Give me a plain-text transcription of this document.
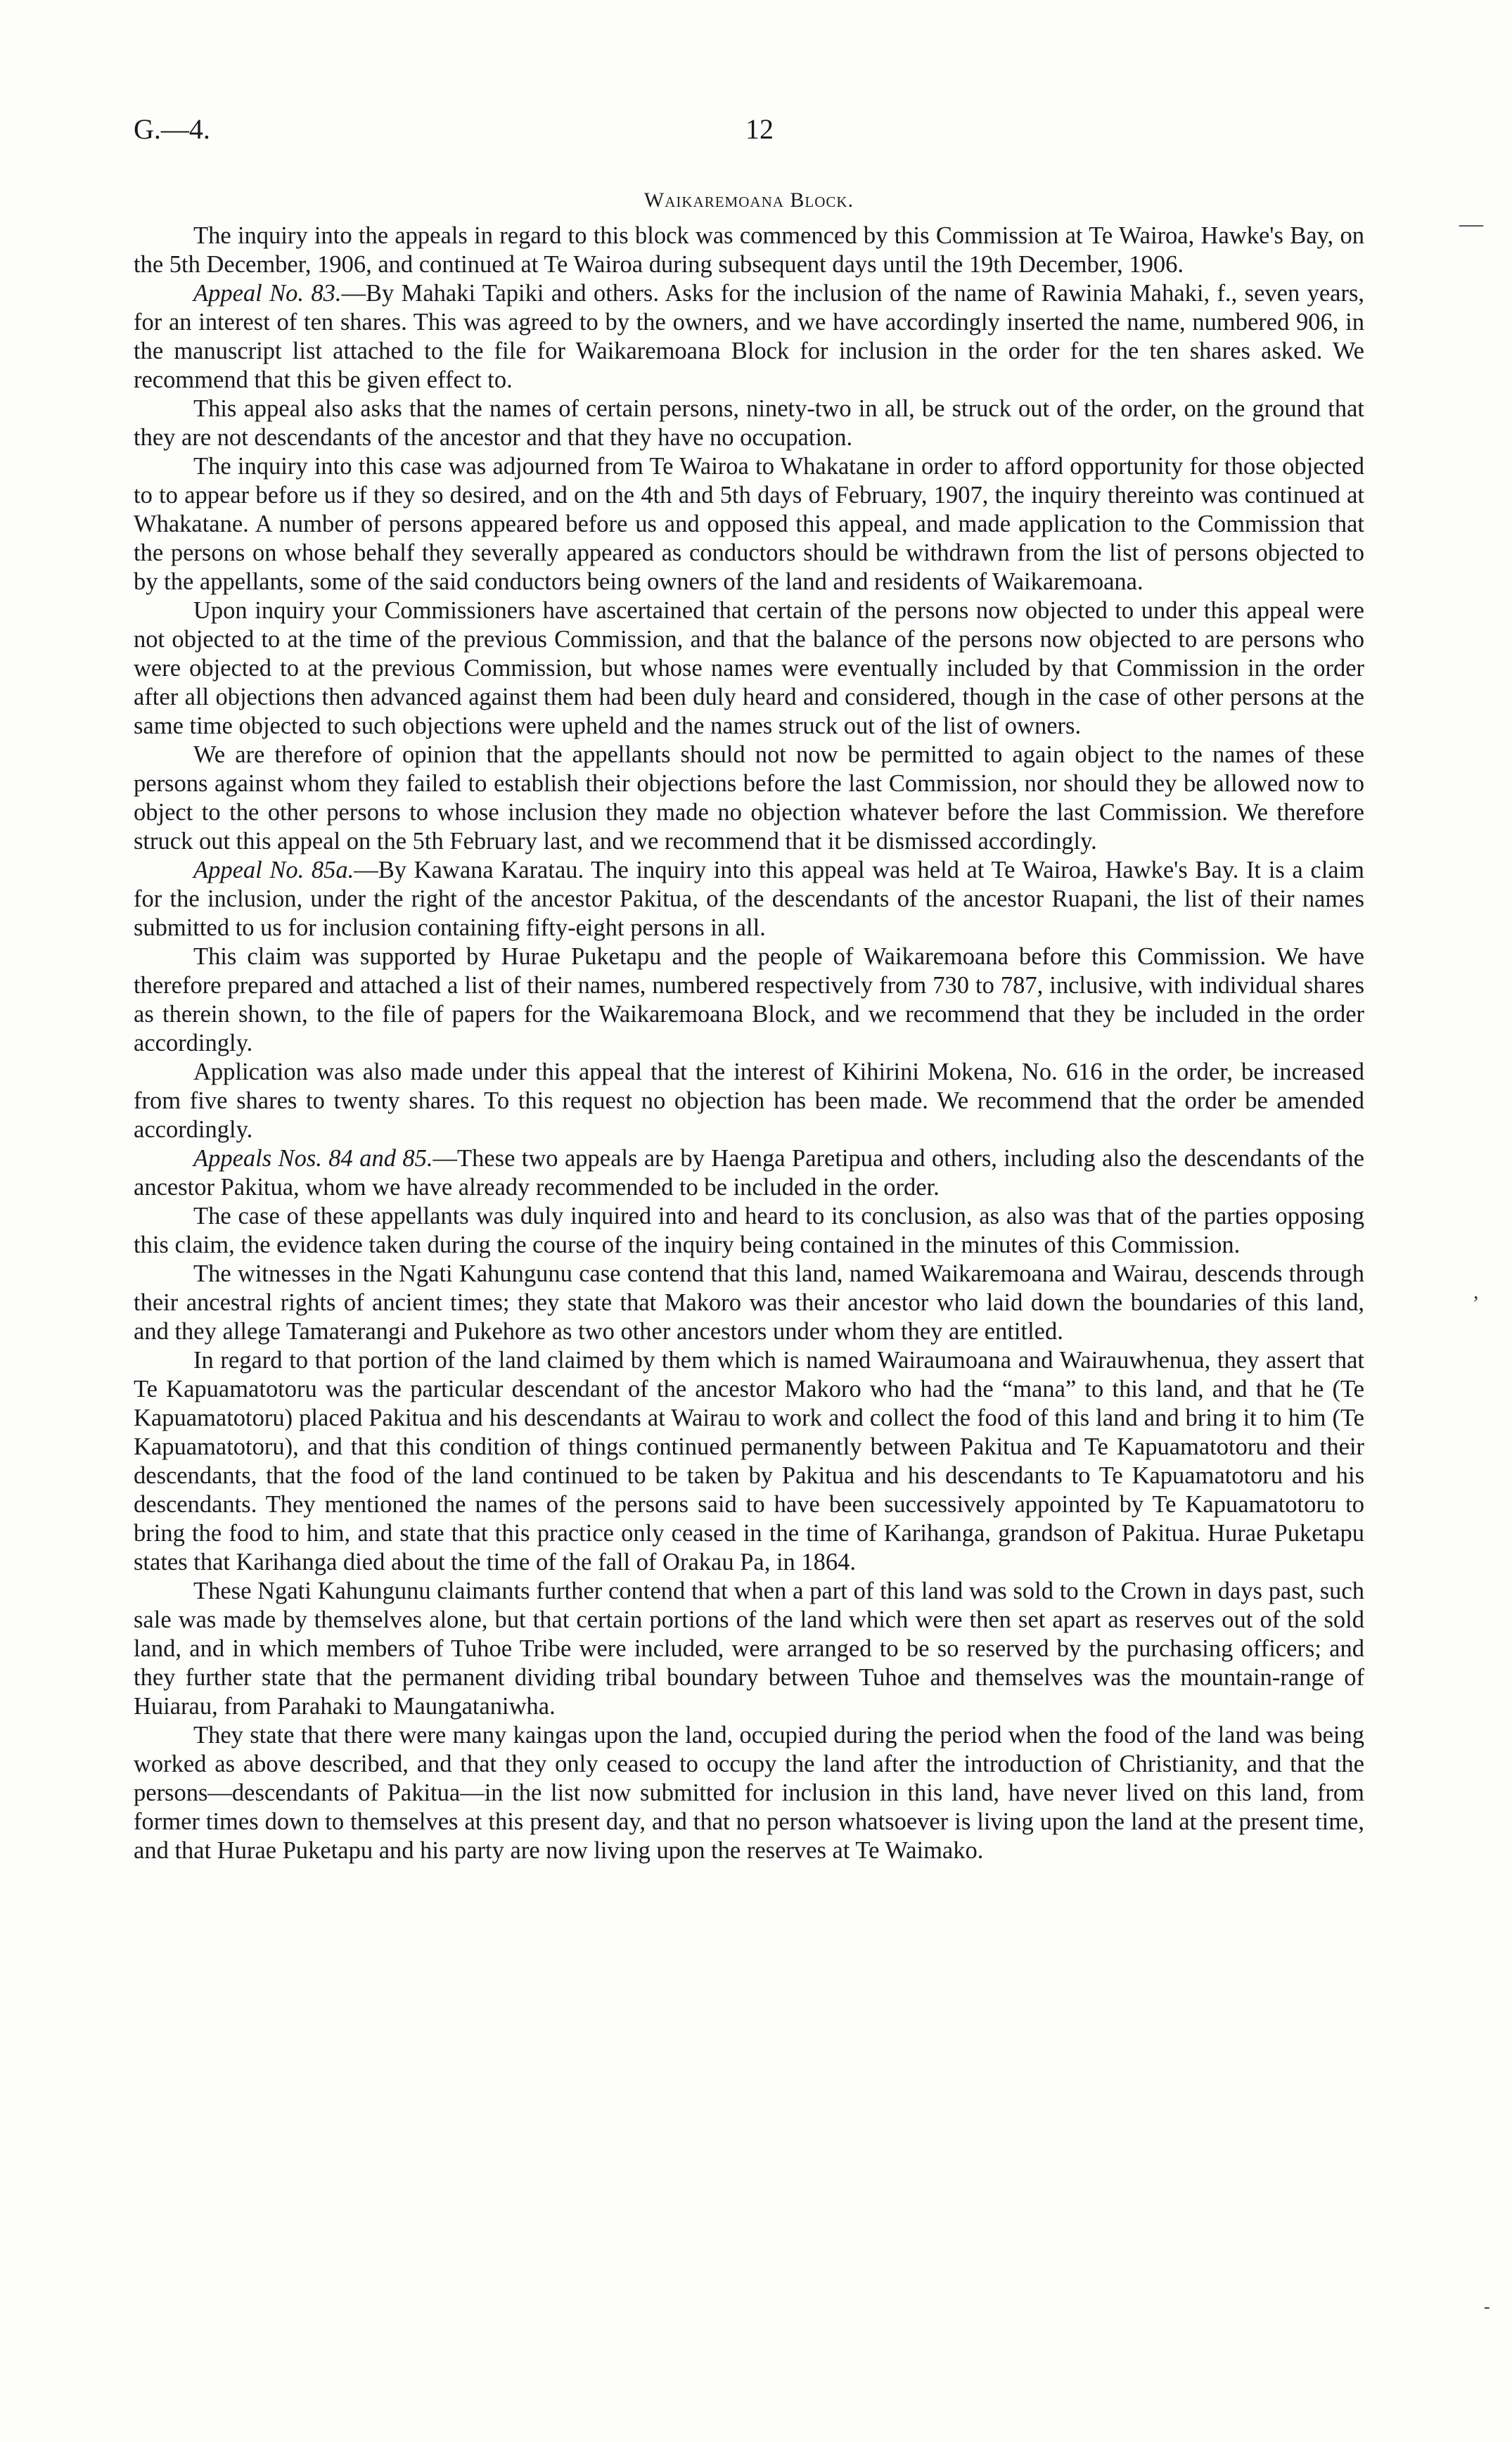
G.—4.	12
—
,
-
Waikaremoana Block.

The inquiry into the appeals in regard to this block was commenced by this Commission at Te Wairoa, Hawke's Bay, on the 5th December, 1906, and continued at Te Wairoa during subsequent days until the 19th December, 1906.

Appeal No. 83.—By Mahaki Tapiki and others. Asks for the inclusion of the name of Rawinia Mahaki, f., seven years, for an interest of ten shares. This was agreed to by the owners, and we have accordingly inserted the name, numbered 906, in the manuscript list attached to the file for Waikaremoana Block for inclusion in the order for the ten shares asked. We recommend that this be given effect to.

This appeal also asks that the names of certain persons, ninety-two in all, be struck out of the order, on the ground that they are not descendants of the ancestor and that they have no occupation.

The inquiry into this case was adjourned from Te Wairoa to Whakatane in order to afford opportunity for those objected to to appear before us if they so desired, and on the 4th and 5th days of February, 1907, the inquiry thereinto was continued at Whakatane. A number of persons appeared before us and opposed this appeal, and made application to the Commission that the persons on whose behalf they severally appeared as conductors should be withdrawn from the list of persons objected to by the appellants, some of the said conductors being owners of the land and residents of Waikaremoana.

Upon inquiry your Commissioners have ascertained that certain of the persons now objected to under this appeal were not objected to at the time of the previous Commission, and that the balance of the persons now objected to are persons who were objected to at the previous Commission, but whose names were eventually included by that Commission in the order after all objections then advanced against them had been duly heard and considered, though in the case of other persons at the same time objected to such objections were upheld and the names struck out of the list of owners.

We are therefore of opinion that the appellants should not now be permitted to again object to the names of these persons against whom they failed to establish their objections before the last Commission, nor should they be allowed now to object to the other persons to whose inclusion they made no objection whatever before the last Commission. We therefore struck out this appeal on the 5th February last, and we recommend that it be dismissed accordingly.

Appeal No. 85a.—By Kawana Karatau. The inquiry into this appeal was held at Te Wairoa, Hawke's Bay. It is a claim for the inclusion, under the right of the ancestor Pakitua, of the descendants of the ancestor Ruapani, the list of their names submitted to us for inclusion containing fifty-eight persons in all.

This claim was supported by Hurae Puketapu and the people of Waikaremoana before this Commission. We have therefore prepared and attached a list of their names, numbered respectively from 730 to 787, inclusive, with individual shares as therein shown, to the file of papers for the Waikaremoana Block, and we recommend that they be included in the order accordingly.

Application was also made under this appeal that the interest of Kihirini Mokena, No. 616 in the order, be increased from five shares to twenty shares. To this request no objection has been made. We recommend that the order be amended accordingly.

Appeals Nos. 84 and 85.—These two appeals are by Haenga Paretipua and others, including also the descendants of the ancestor Pakitua, whom we have already recommended to be included in the order.

The case of these appellants was duly inquired into and heard to its conclusion, as also was that of the parties opposing this claim, the evidence taken during the course of the inquiry being contained in the minutes of this Commission.

The witnesses in the Ngati Kahungunu case contend that this land, named Waikaremoana and Wairau, descends through their ancestral rights of ancient times; they state that Makoro was their ancestor who laid down the boundaries of this land, and they allege Tamaterangi and Pukehore as two other ancestors under whom they are entitled.

In regard to that portion of the land claimed by them which is named Wairaumoana and Wairauwhenua, they assert that Te Kapuamatotoru was the particular descendant of the ancestor Makoro who had the “mana” to this land, and that he (Te Kapuamatotoru) placed Pakitua and his descendants at Wairau to work and collect the food of this land and bring it to him (Te Kapuamatotoru), and that this condition of things continued permanently between Pakitua and Te Kapuamatotoru and their descendants, that the food of the land continued to be taken by Pakitua and his descendants to Te Kapuamatotoru and his descendants. They mentioned the names of the persons said to have been successively appointed by Te Kapuamatotoru to bring the food to him, and state that this practice only ceased in the time of Karihanga, grandson of Pakitua. Hurae Puketapu states that Karihanga died about the time of the fall of Orakau Pa, in 1864.

These Ngati Kahungunu claimants further contend that when a part of this land was sold to the Crown in days past, such sale was made by themselves alone, but that certain portions of the land which were then set apart as reserves out of the sold land, and in which members of Tuhoe Tribe were included, were arranged to be so reserved by the purchasing officers; and they further state that the permanent dividing tribal boundary between Tuhoe and themselves was the mountain-range of Huiarau, from Parahaki to Maungataniwha.

They state that there were many kaingas upon the land, occupied during the period when the food of the land was being worked as above described, and that they only ceased to occupy the land after the introduction of Christianity, and that the persons—descendants of Pakitua—in the list now submitted for inclusion in this land, have never lived on this land, from former times down to themselves at this present day, and that no person whatsoever is living upon the land at the present time, and that Hurae Puketapu and his party are now living upon the reserves at Te Waimako.
